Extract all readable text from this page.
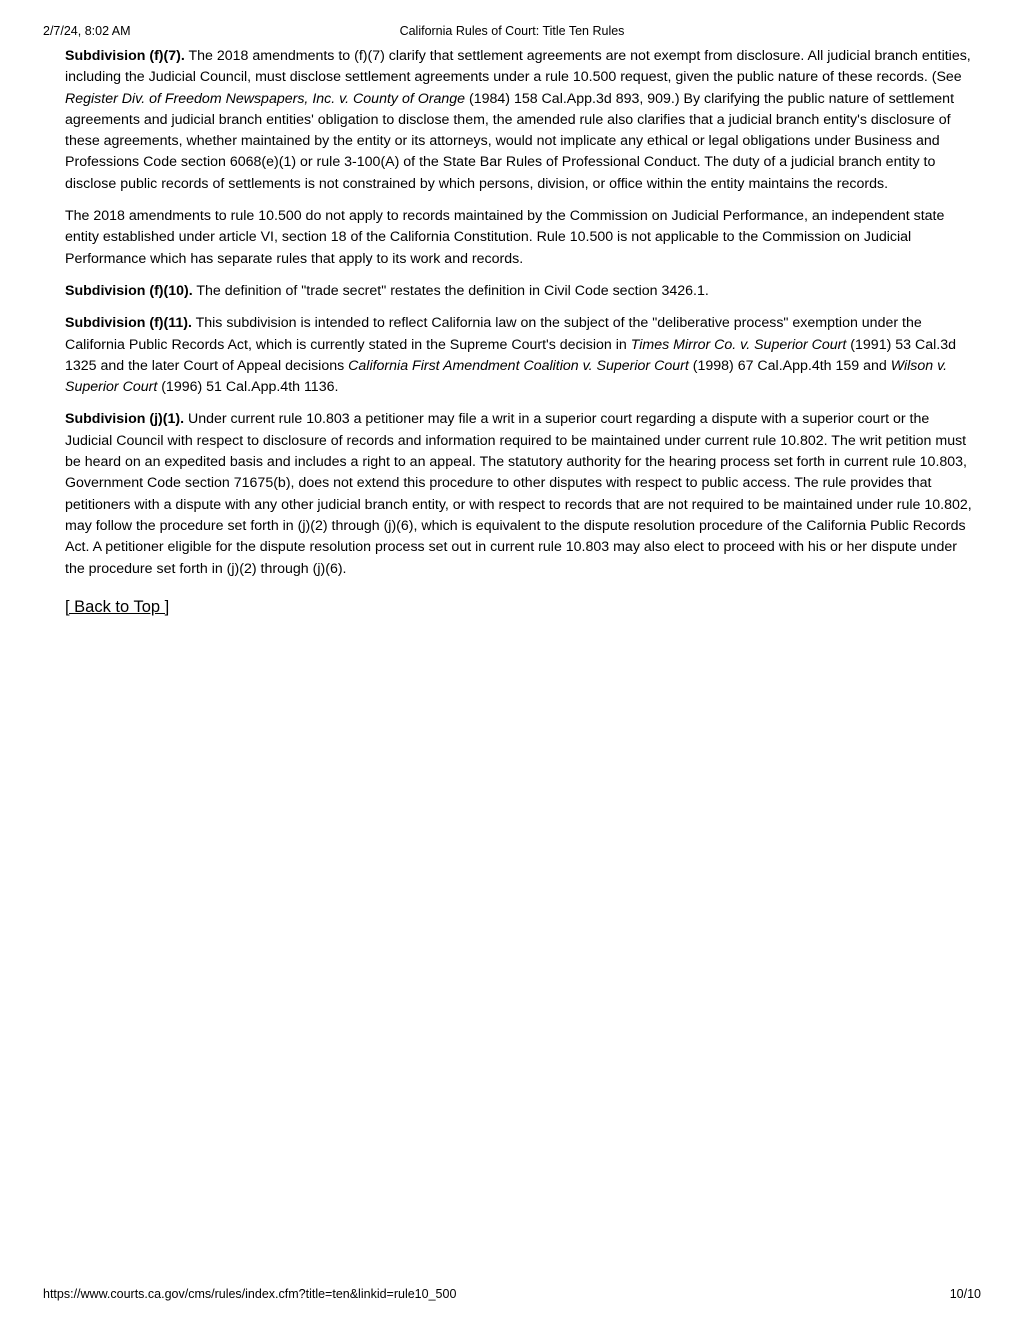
2/7/24, 8:02 AM	California Rules of Court: Title Ten Rules

Subdivision (f)(7). The 2018 amendments to (f)(7) clarify that settlement agreements are not exempt from disclosure. All judicial branch entities, including the Judicial Council, must disclose settlement agreements under a rule 10.500 request, given the public nature of these records. (See Register Div. of Freedom Newspapers, Inc. v. County of Orange (1984) 158 Cal.App.3d 893, 909.) By clarifying the public nature of settlement agreements and judicial branch entities' obligation to disclose them, the amended rule also clarifies that a judicial branch entity's disclosure of these agreements, whether maintained by the entity or its attorneys, would not implicate any ethical or legal obligations under Business and Professions Code section 6068(e)(1) or rule 3-100(A) of the State Bar Rules of Professional Conduct. The duty of a judicial branch entity to disclose public records of settlements is not constrained by which persons, division, or office within the entity maintains the records.

The 2018 amendments to rule 10.500 do not apply to records maintained by the Commission on Judicial Performance, an independent state entity established under article VI, section 18 of the California Constitution. Rule 10.500 is not applicable to the Commission on Judicial Performance which has separate rules that apply to its work and records.

Subdivision (f)(10). The definition of "trade secret" restates the definition in Civil Code section 3426.1.

Subdivision (f)(11). This subdivision is intended to reflect California law on the subject of the "deliberative process" exemption under the California Public Records Act, which is currently stated in the Supreme Court's decision in Times Mirror Co. v. Superior Court (1991) 53 Cal.3d 1325 and the later Court of Appeal decisions California First Amendment Coalition v. Superior Court (1998) 67 Cal.App.4th 159 and Wilson v. Superior Court (1996) 51 Cal.App.4th 1136.

Subdivision (j)(1). Under current rule 10.803 a petitioner may file a writ in a superior court regarding a dispute with a superior court or the Judicial Council with respect to disclosure of records and information required to be maintained under current rule 10.802. The writ petition must be heard on an expedited basis and includes a right to an appeal. The statutory authority for the hearing process set forth in current rule 10.803, Government Code section 71675(b), does not extend this procedure to other disputes with respect to public access. The rule provides that petitioners with a dispute with any other judicial branch entity, or with respect to records that are not required to be maintained under rule 10.802, may follow the procedure set forth in (j)(2) through (j)(6), which is equivalent to the dispute resolution procedure of the California Public Records Act. A petitioner eligible for the dispute resolution process set out in current rule 10.803 may also elect to proceed with his or her dispute under the procedure set forth in (j)(2) through (j)(6).

[ Back to Top ]
https://www.courts.ca.gov/cms/rules/index.cfm?title=ten&linkid=rule10_500	10/10
